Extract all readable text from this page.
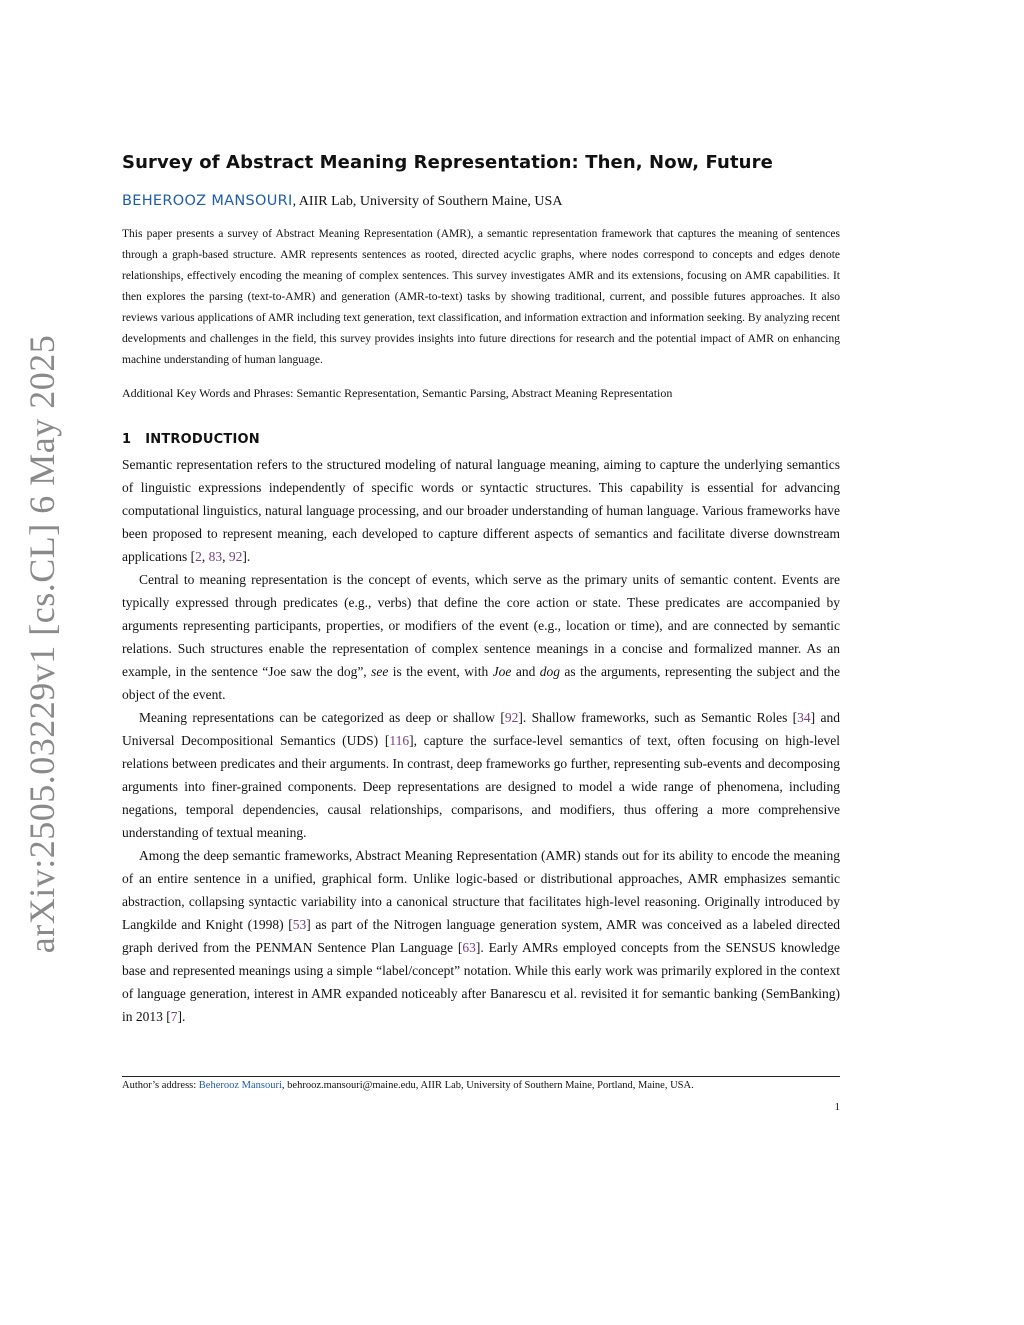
arXiv:2505.03229v1 [cs.CL] 6 May 2025
Survey of Abstract Meaning Representation: Then, Now, Future
BEHEROOZ MANSOURI, AIIR Lab, University of Southern Maine, USA

This paper presents a survey of Abstract Meaning Representation (AMR), a semantic representation framework that captures the meaning of sentences through a graph-based structure. AMR represents sentences as rooted, directed acyclic graphs, where nodes correspond to concepts and edges denote relationships, effectively encoding the meaning of complex sentences. This survey investigates AMR and its extensions, focusing on AMR capabilities. It then explores the parsing (text-to-AMR) and generation (AMR-to-text) tasks by showing traditional, current, and possible futures approaches. It also reviews various applications of AMR including text generation, text classification, and information extraction and information seeking. By analyzing recent developments and challenges in the field, this survey provides insights into future directions for research and the potential impact of AMR on enhancing machine understanding of human language.

Additional Key Words and Phrases: Semantic Representation, Semantic Parsing, Abstract Meaning Representation
1 INTRODUCTION

Semantic representation refers to the structured modeling of natural language meaning, aiming to capture the underlying semantics of linguistic expressions independently of specific words or syntactic structures. This capability is essential for advancing computational linguistics, natural language processing, and our broader understanding of human language. Various frameworks have been proposed to represent meaning, each developed to capture different aspects of semantics and facilitate diverse downstream applications [2, 83, 92].

Central to meaning representation is the concept of events, which serve as the primary units of semantic content. Events are typically expressed through predicates (e.g., verbs) that define the core action or state. These predicates are accompanied by arguments representing participants, properties, or modifiers of the event (e.g., location or time), and are connected by semantic relations. Such structures enable the representation of complex sentence meanings in a concise and formalized manner. As an example, in the sentence “Joe saw the dog”, see is the event, with Joe and dog as the arguments, representing the subject and the object of the event.

Meaning representations can be categorized as deep or shallow [92]. Shallow frameworks, such as Semantic Roles [34] and Universal Decompositional Semantics (UDS) [116], capture the surface-level semantics of text, often focusing on high-level relations between predicates and their arguments. In contrast, deep frameworks go further, representing sub-events and decomposing arguments into finer-grained components. Deep representations are designed to model a wide range of phenomena, including negations, temporal dependencies, causal relationships, comparisons, and modifiers, thus offering a more comprehensive understanding of textual meaning.

Among the deep semantic frameworks, Abstract Meaning Representation (AMR) stands out for its ability to encode the meaning of an entire sentence in a unified, graphical form. Unlike logic-based or distributional approaches, AMR emphasizes semantic abstraction, collapsing syntactic variability into a canonical structure that facilitates high-level reasoning. Originally introduced by Langkilde and Knight (1998) [53] as part of the Nitrogen language generation system, AMR was conceived as a labeled directed graph derived from the PENMAN Sentence Plan Language [63]. Early AMRs employed concepts from the SENSUS knowledge base and represented meanings using a simple “label/concept” notation. While this early work was primarily explored in the context of language generation, interest in AMR expanded noticeably after Banarescu et al. revisited it for semantic banking (SemBanking) in 2013 [7].

Author’s address: Beherooz Mansouri, behrooz.mansouri@maine.edu, AIIR Lab, University of Southern Maine, Portland, Maine, USA.
1
